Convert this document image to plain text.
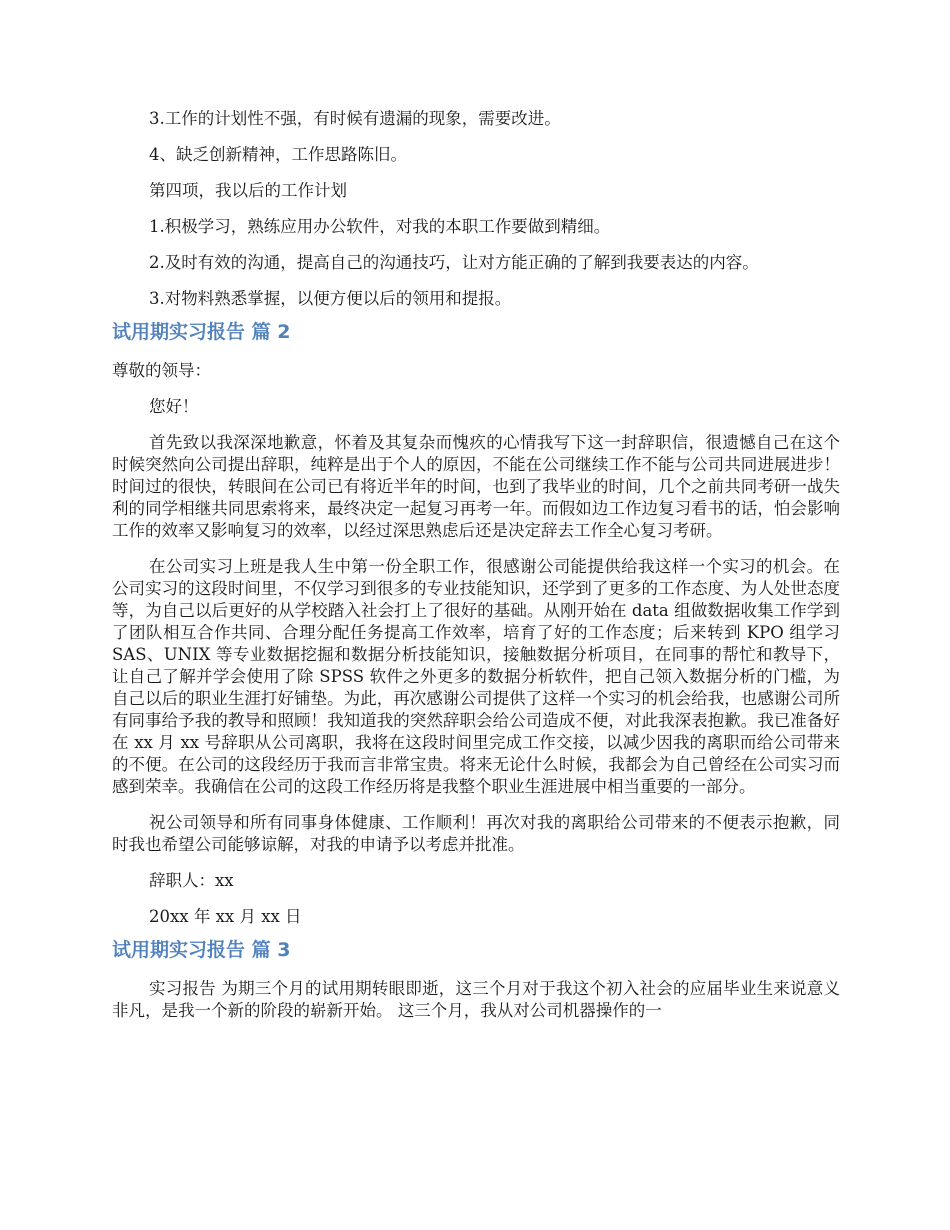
3.工作的计划性不强，有时候有遗漏的现象，需要改进。

4、缺乏创新精神，工作思路陈旧。

第四项，我以后的工作计划

1.积极学习，熟练应用办公软件，对我的本职工作要做到精细。

2.及时有效的沟通，提高自己的沟通技巧，让对方能正确的了解到我要表达的内容。

3.对物料熟悉掌握，以便方便以后的领用和提报。

试用期实习报告 篇 2

尊敬的领导：

您好！

首先致以我深深地歉意，怀着及其复杂而愧疚的心情我写下这一封辞职信，很遗憾自己在这个时候突然向公司提出辞职，纯粹是出于个人的原因，不能在公司继续工作不能与公司共同进展进步！时间过的很快，转眼间在公司已有将近半年的时间，也到了我毕业的时间，几个之前共同考研一战失利的同学相继共同思索将来，最终决定一起复习再考一年。而假如边工作边复习看书的话，怕会影响工作的效率又影响复习的效率，以经过深思熟虑后还是决定辞去工作全心复习考研。

在公司实习上班是我人生中第一份全职工作，很感谢公司能提供给我这样一个实习的机会。在公司实习的这段时间里，不仅学习到很多的专业技能知识，还学到了更多的工作态度、为人处世态度等，为自己以后更好的从学校踏入社会打上了很好的基础。从刚开始在 data 组做数据收集工作学到了团队相互合作共同、合理分配任务提高工作效率，培育了好的工作态度；后来转到 KPO 组学习 SAS、UNIX 等专业数据挖掘和数据分析技能知识，接触数据分析项目，在同事的帮忙和教导下，让自己了解并学会使用了除 SPSS 软件之外更多的数据分析软件，把自己领入数据分析的门槛，为自己以后的职业生涯打好铺垫。为此，再次感谢公司提供了这样一个实习的机会给我，也感谢公司所有同事给予我的教导和照顾！我知道我的突然辞职会给公司造成不便，对此我深表抱歉。我已准备好在 xx 月 xx 号辞职从公司离职，我将在这段时间里完成工作交接，以减少因我的离职而给公司带来的不便。在公司的这段经历于我而言非常宝贵。将来无论什么时候，我都会为自己曾经在公司实习而感到荣幸。我确信在公司的这段工作经历将是我整个职业生涯进展中相当重要的一部分。

祝公司领导和所有同事身体健康、工作顺利！再次对我的离职给公司带来的不便表示抱歉，同时我也希望公司能够谅解，对我的申请予以考虑并批准。

辞职人：xx

20xx 年 xx 月 xx 日

试用期实习报告 篇 3

实习报告 为期三个月的试用期转眼即逝，这三个月对于我这个初入社会的应届毕业生来说意义非凡，是我一个新的阶段的崭新开始。 这三个月，我从对公司机器操作的一
